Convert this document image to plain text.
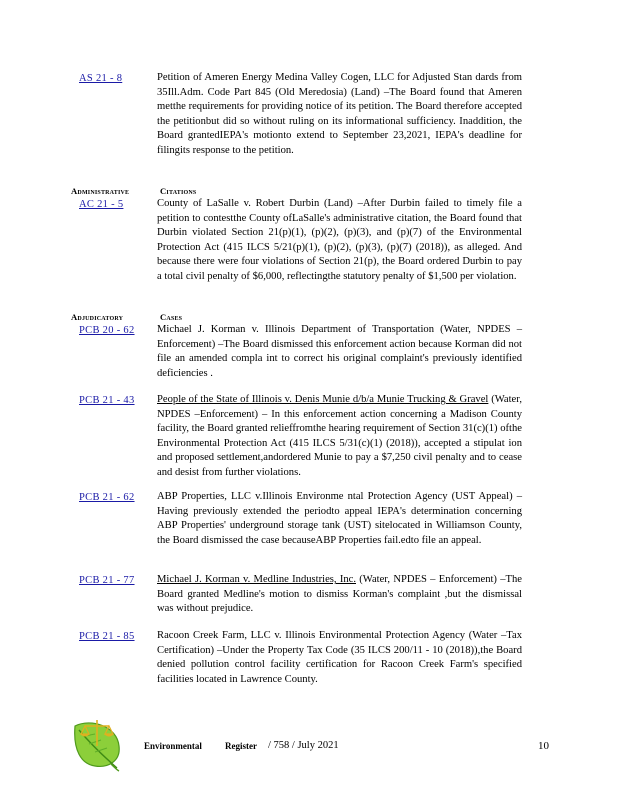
AS 21 - 8	Petition of Ameren Energy Medina Valley Cogen, LLC for Adjusted Stan dards from 35Ill.Adm. Code Part 845 (Old Meredosia) (Land) –The Board found that Ameren metthe requirements for providing notice of its petition. The Board therefore accepted the petitionbut did so without ruling on its informational sufficiency. Inaddition, the Board grantedIEPA's motionto extend to September 23,2021, IEPA's deadline for filingits response to the petition.
Administrative	Citations
AC 21 - 5	County of LaSalle v. Robert Durbin (Land) –After Durbin failed to timely file a petition to contestthe County ofLaSalle's administrative citation, the Board found that Durbin violated Section 21(p)(1), (p)(2), (p)(3), and (p)(7) of the Environmental Protection Act (415 ILCS 5/21(p)(1), (p)(2), (p)(3), (p)(7) (2018)), as alleged. And because there were four violations of Section 21(p), the Board ordered Durbin to pay a total civil penalty of $6,000, reflectingthe statutory penalty of $1,500 per violation.
Adjudicatory	Cases
PCB 20 - 62	Michael J. Korman v. Illinois Department of Transportation (Water, NPDES –Enforcement) –The Board dismissed this enforcement action because Korman did not file an amended compla int to correct his original complaint's previously identified deficiencies .
PCB 21 - 43	People of the State of Illinois v. Denis Munie d/b/a Munie Trucking & Gravel (Water, NPDES –Enforcement) – In this enforcement action concerning a Madison County facility, the Board granted relieffromthe hearing requirement of Section 31(c)(1) ofthe Environmental Protection Act (415 ILCS 5/31(c)(1) (2018)), accepted a stipulat ion and proposed settlement,andordered Munie to pay a $7,250 civil penalty and to cease and desist from further violations.
PCB 21 - 62	ABP Properties, LLC v.Illinois Environme ntal Protection Agency (UST Appeal) –Having previously extended the periodto appeal IEPA's determination concerning ABP Properties' underground storage tank (UST) sitelocated in Williamson County, the Board dismissed the case becauseABP Properties fail.edto file an appeal.
PCB 21 - 77	Michael J. Korman v. Medline Industries, Inc. (Water, NPDES – Enforcement) –The Board granted Medline's motion to dismiss Korman's complaint ,but the dismissal was without prejudice.
PCB 21 - 85	Racoon Creek Farm, LLC v. Illinois Environmental Protection Agency (Water –Tax Certification) –Under the Property Tax Code (35 ILCS 200/11 - 10 (2018)),the Board denied pollution control facility certification for Racoon Creek Farm's specified facilities located in Lawrence County.
Environmental	Register / 758 / July 2021	10
